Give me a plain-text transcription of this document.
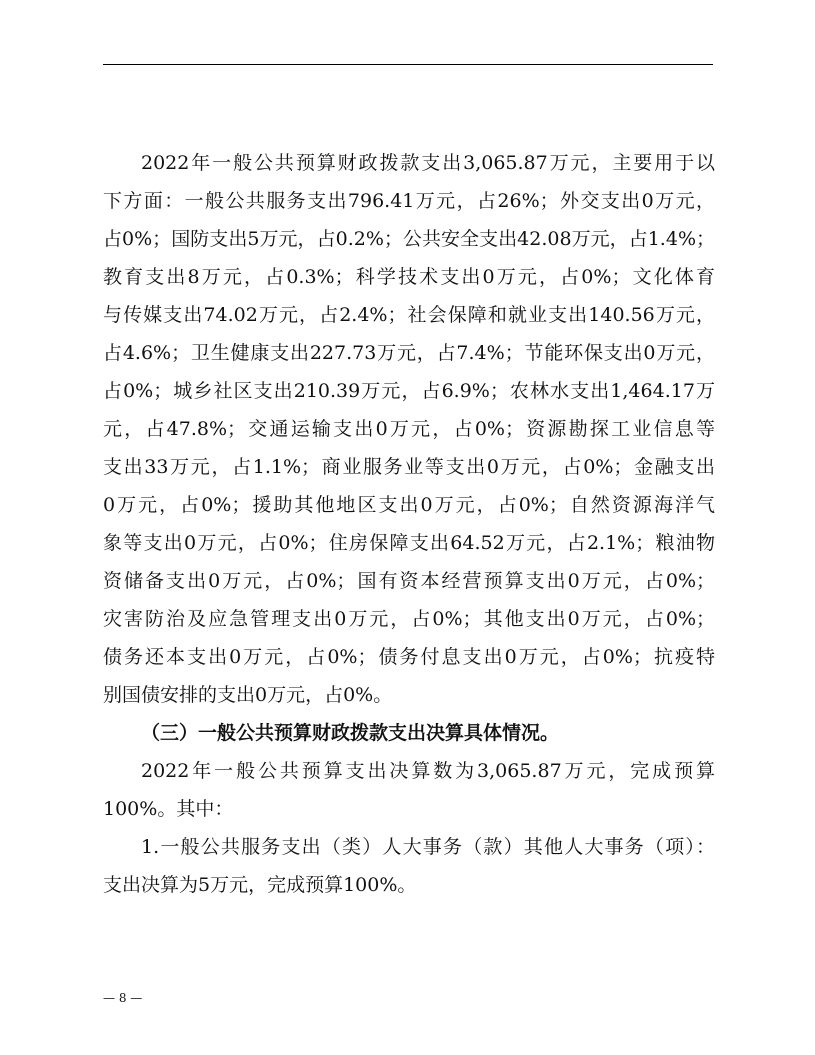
2022年一般公共预算财政拨款支出3,065.87万元，主要用于以
下方面：一般公共服务支出796.41万元，占26%；外交支出0万元，
占0%；国防支出5万元，占0.2%；公共安全支出42.08万元，占1.4%；
教育支出8万元，占0.3%；科学技术支出0万元，占0%；文化体育
与传媒支出74.02万元，占2.4%；社会保障和就业支出140.56万元，
占4.6%；卫生健康支出227.73万元，占7.4%；节能环保支出0万元，
占0%；城乡社区支出210.39万元，占6.9%；农林水支出1,464.17万
元，占47.8%；交通运输支出0万元，占0%；资源勘探工业信息等
支出33万元，占1.1%；商业服务业等支出0万元，占0%；金融支出
0万元，占0%；援助其他地区支出0万元，占0%；自然资源海洋气
象等支出0万元，占0%；住房保障支出64.52万元，占2.1%；粮油物
资储备支出0万元，占0%；国有资本经营预算支出0万元，占0%；
灾害防治及应急管理支出0万元，占0%；其他支出0万元，占0%；
债务还本支出0万元，占0%；债务付息支出0万元，占0%；抗疫特
别国债安排的支出0万元，占0%。
（三）一般公共预算财政拨款支出决算具体情况。
2022年一般公共预算支出决算数为3,065.87万元，完成预算
100%。其中：
1.一般公共服务支出（类）人大事务（款）其他人大事务（项）：
支出决算为5万元，完成预算100%。
— 8 —
